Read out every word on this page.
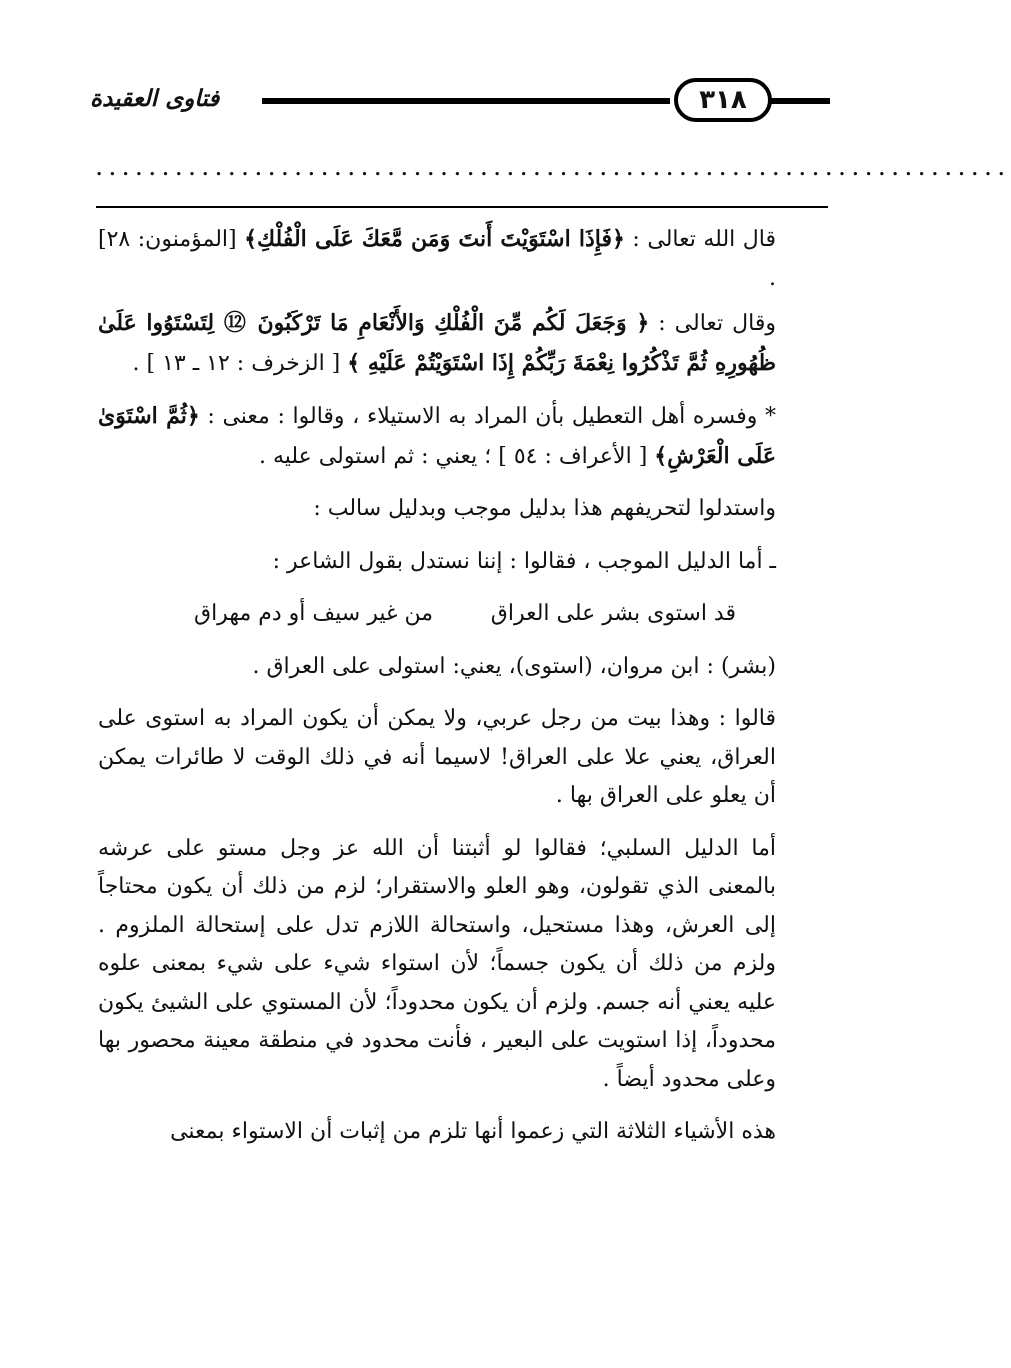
فتاوى العقيدة	٣١٨
.....................................................................

قال الله تعالى : ﴿فَإِذَا اسْتَوَيْتَ أَنتَ وَمَن مَّعَكَ عَلَى الْفُلْكِ﴾ [المؤمنون: ٢٨] .

وقال تعالى : ﴿ وَجَعَلَ لَكُم مِّنَ الْفُلْكِ وَالأَنْعَامِ مَا تَرْكَبُونَ ⑫ لِتَسْتَوُوا عَلَىٰ ظُهُورِهِ ثُمَّ تَذْكُرُوا نِعْمَةَ رَبِّكُمْ إِذَا اسْتَوَيْتُمْ عَلَيْهِ ﴾ [ الزخرف : ١٢ ـ ١٣ ] .

* وفسره أهل التعطيل بأن المراد به الاستيلاء ، وقالوا : معنى : ﴿ثُمَّ اسْتَوَىٰ عَلَى الْعَرْشِ﴾ [ الأعراف : ٥٤ ] ؛ يعني : ثم استولى عليه .

واستدلوا لتحريفهم هذا بدليل موجب وبدليل سالب :

ـ أما الدليل الموجب ، فقالوا : إننا نستدل بقول الشاعر :

قد استوى بشر على العراق
من غير سيف أو دم مهراق

(بشر) : ابن مروان، (استوى)، يعني: استولى على العراق .

قالوا : وهذا بيت من رجل عربي، ولا يمكن أن يكون المراد به استوى على العراق، يعني علا على العراق! لاسيما أنه في ذلك الوقت لا طائرات يمكن أن يعلو على العراق بها .

أما الدليل السلبي؛ فقالوا لو أثبتنا أن الله عز وجل مستو على عرشه بالمعنى الذي تقولون، وهو العلو والاستقرار؛ لزم من ذلك أن يكون محتاجاً إلى العرش، وهذا مستحيل، واستحالة اللازم تدل على إستحالة الملزوم . ولزم من ذلك أن يكون جسماً؛ لأن استواء شيء على شيء بمعنى علوه عليه يعني أنه جسم. ولزم أن يكون محدوداً؛ لأن المستوي على الشيئ يكون محدوداً، إذا استويت على البعير ، فأنت محدود في منطقة معينة محصور بها وعلى محدود أيضاً .

هذه الأشياء الثلاثة التي زعموا أنها تلزم من إثبات أن الاستواء بمعنى
